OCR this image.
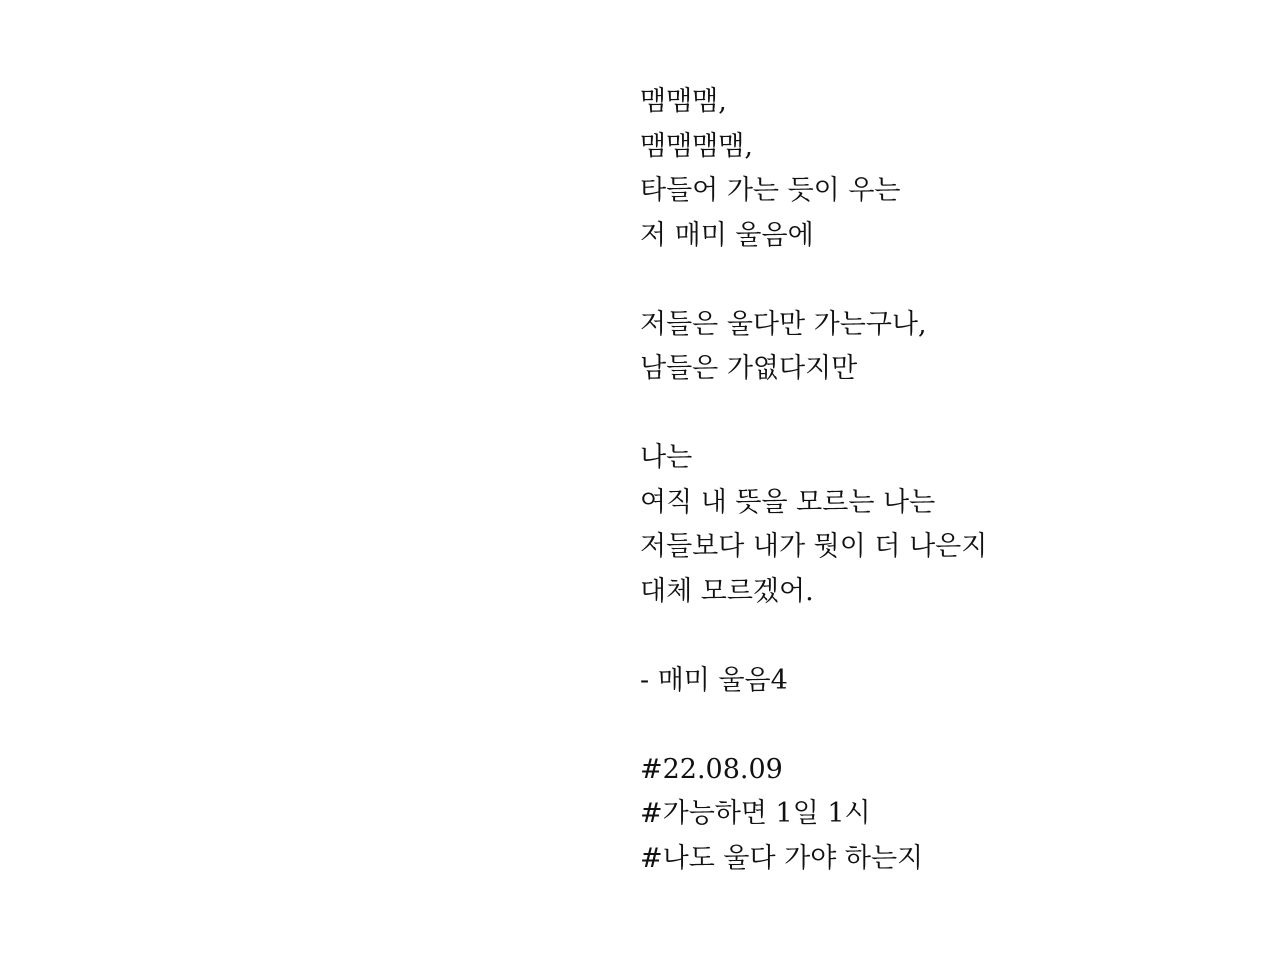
맴맴맴,
맴맴맴맴,
타들어 가는 듯이 우는
저 매미 울음에
저들은 울다만 가는구나,
남들은 가엾다지만
나는
여직 내 뜻을 모르는 나는
저들보다 내가 뭣이 더 나은지
대체 모르겠어.
- 매미 울음4
#22.08.09
#가능하면 1일 1시
#나도 울다 가야 하는지
